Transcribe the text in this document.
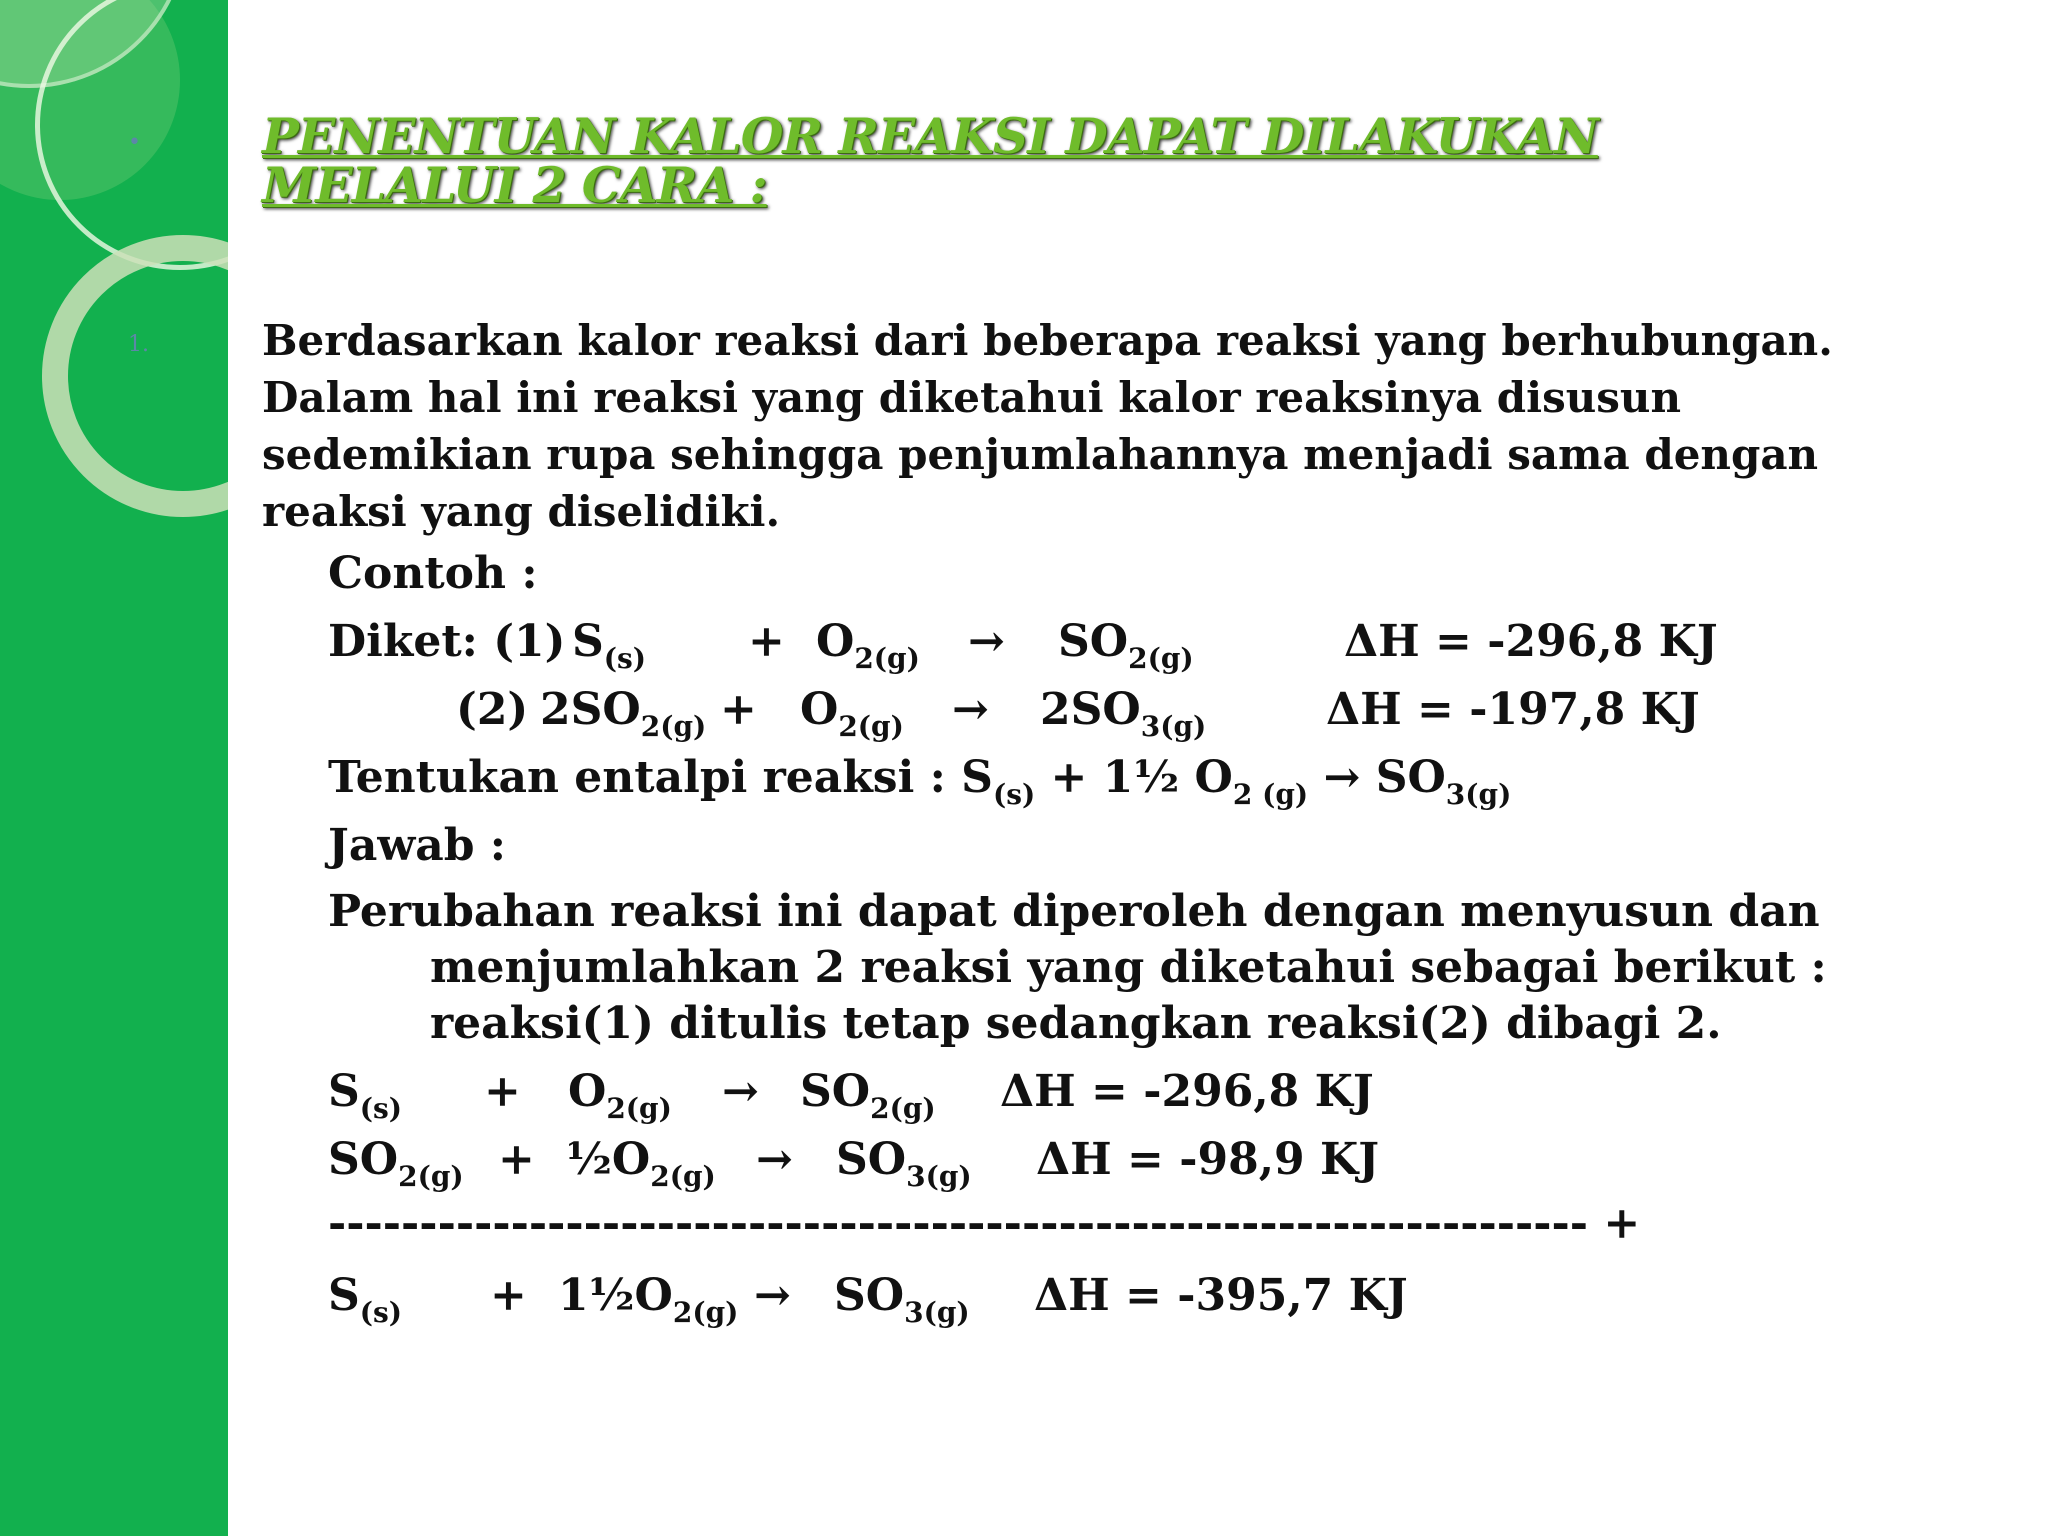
• PENENTUAN KALOR REAKSI DAPAT DILAKUKAN MELALUI 2 CARA :
1.	Berdasarkan kalor reaksi dari beberapa reaksi yang berhubungan. Dalam hal ini reaksi yang diketahui kalor reaksinya disusun sedemikian rupa sehingga penjumlahannya menjadi sama dengan reaksi yang diselidiki.
Contoh :
Diket: (1) $S_{(s)} + O_{2(g)} \to SO_{2(g)}$	ΔH = -296,8 KJ
(2) $2SO_{2(g)} + O_{2(g)} \to 2SO_{3(g)}$	ΔH = -197,8 KJ
Tentukan entalpi reaksi : $S_{(s)}$ + 1½ $O_{2 (g)} \to SO_{3(g)}$
Jawab :
Perubahan reaksi ini dapat diperoleh dengan menyusun dan
menjumlahkan 2 reaksi yang diketahui sebagai berikut :
reaksi(1) ditulis tetap sedangkan reaksi(2) dibagi 2.
$S_{(s)} + O_{2(g)} \to SO_{2(g)}$ ΔH = -296,8 KJ
$SO_{2(g)}$ + $\frac{1}{2}O_{2(g)} \to SO_{3(g)}$ ΔH = -98,9 KJ
--------------------------------------------------------------------- +
$S_{(s)}$ + $1\frac{1}{2}O_{2(g)} \to SO_{3(g)}$ ΔH = -395,7 KJ
